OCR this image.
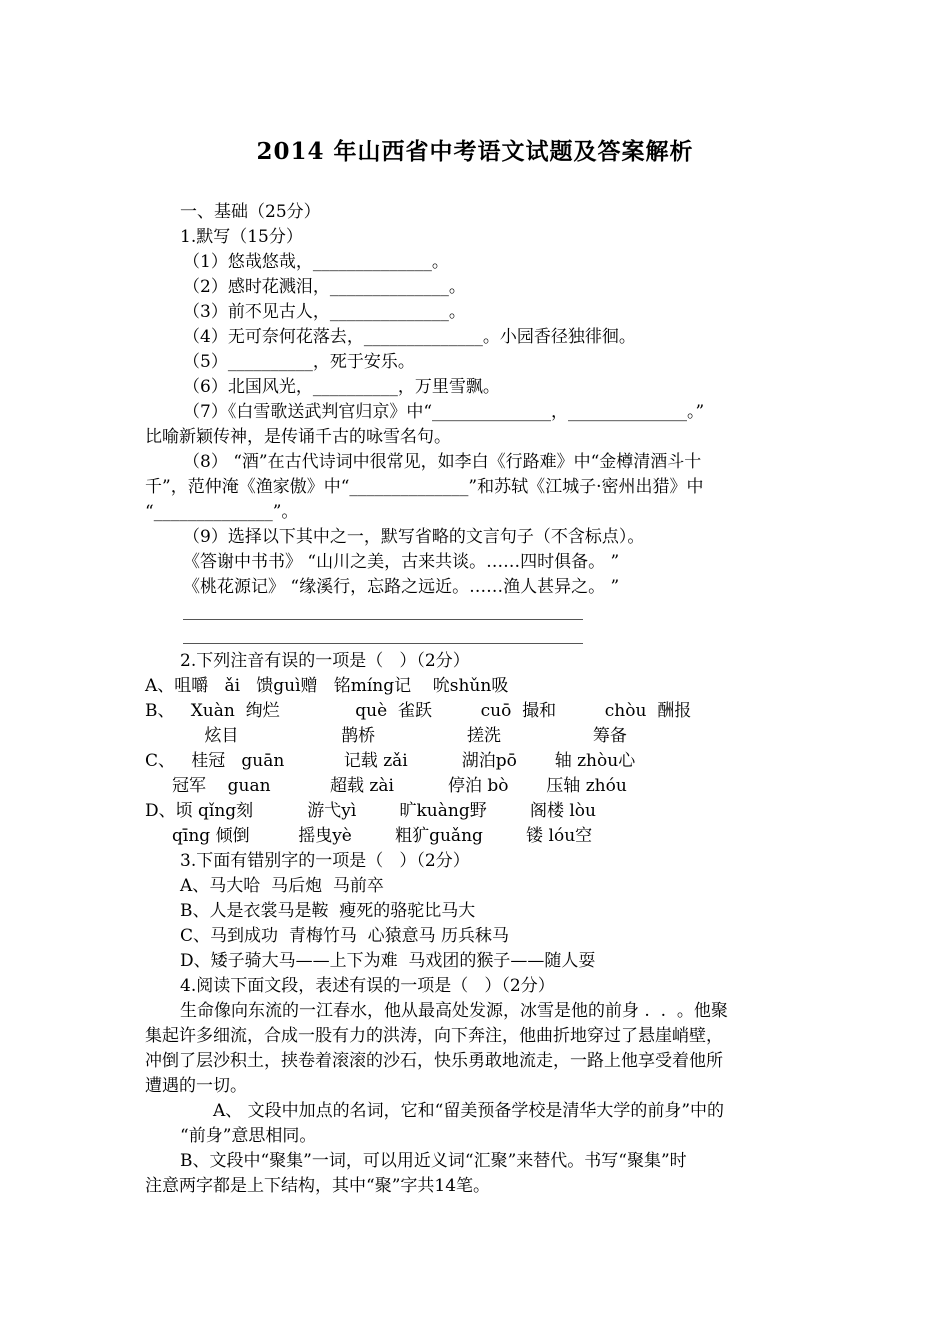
2014 年山西省中考语文试题及答案解析
一、基础（25分）
1.默写（15分）
（1）悠哉悠哉，______________。
（2）感时花溅泪，______________。
（3）前不见古人，______________。
（4）无可奈何花落去，______________。小园香径独徘徊。
（5）__________，死于安乐。
（6）北国风光，__________，万里雪飘。
（7）《白雪歌送武判官归京》中“______________，______________。”
比喻新颖传神，是传诵千古的咏雪名句。
（8） “酒”在古代诗词中很常见，如李白《行路难》中“金樽清酒斗十
千”，范仲淹《渔家傲》中“______________”和苏轼《江城子·密州出猎》中
“______________”。
（9）选择以下其中之一，默写省略的文言句子（不含标点）。
《答谢中书书》 “山川之美，古来共谈。……四时俱备。 ”
《桃花源记》 “缘溪行，忘路之远近。……渔人甚异之。 ”
2.下列注音有误的一项是（   ）（2分）
A、咀嚼   ǎi   馈guì赠   铭míng记    吮shǔn吸
B、   Xuàn  绚烂              què  雀跃         cuō  撮和         chòu  酬报
炫目                   鹊桥                 搓洗                 筹备
C、   桂冠   guān           记载 zǎi          湖泊pō       轴 zhòu心
冠军    guan           超载 zài          停泊 bò       压轴 zhóu
D、顷 qǐng刻          游弋yì        旷kuàng野        阁楼 lòu
qīng 倾倒         摇曳yè        粗犷guǎng        镂 lóu空
3.下面有错别字的一项是（   ）（2分）
A、马大哈  马后炮  马前卒
B、人是衣裳马是鞍  瘦死的骆驼比马大
C、马到成功  青梅竹马  心猿意马 历兵秣马
D、矮子骑大马——上下为难  马戏团的猴子——随人耍
4.阅读下面文段，表述有误的一项是（   ）（2分）
生命像向东流的一江春水，他从最高处发源，冰雪是他的前身 .  .  。他聚
集起许多细流，合成一股有力的洪涛，向下奔注，他曲折地穿过了悬崖峭壁，
冲倒了层沙积土，挟卷着滚滚的沙石，快乐勇敢地流走，一路上他享受着他所
遭遇的一切。
A、 文段中加点的名词，它和“留美预备学校是清华大学的前身”中的
“前身”意思相同。
B、文段中“聚集”一词，可以用近义词“汇聚”来替代。书写“聚集”时
注意两字都是上下结构，其中“聚”字共14笔。
